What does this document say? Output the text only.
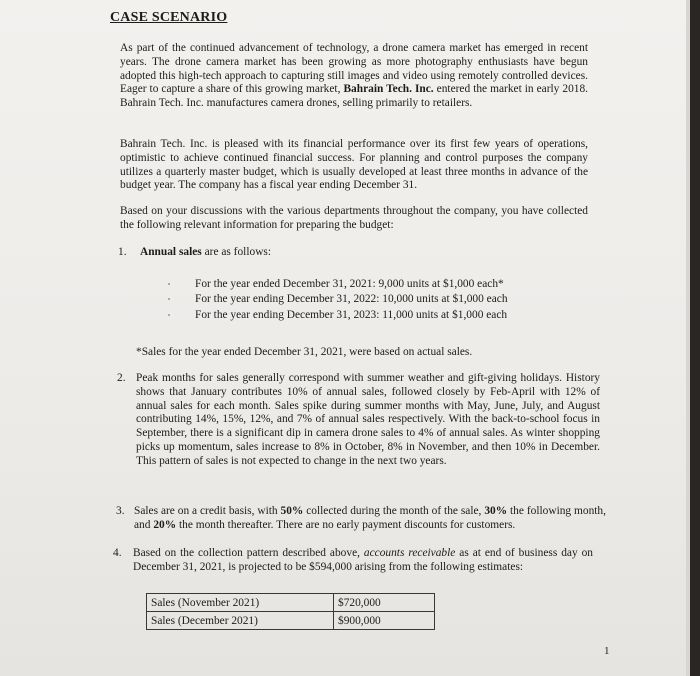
CASE SCENARIO

As part of the continued advancement of technology, a drone camera market has emerged in recent years. The drone camera market has been growing as more photography enthusiasts have begun adopted this high-tech approach to capturing still images and video using remotely controlled devices. Eager to capture a share of this growing market, Bahrain Tech. Inc. entered the market in early 2018. Bahrain Tech. Inc. manufactures camera drones, selling primarily to retailers.

Bahrain Tech. Inc. is pleased with its financial performance over its first few years of operations, optimistic to achieve continued financial success. For planning and control purposes the company utilizes a quarterly master budget, which is usually developed at least three months in advance of the budget year. The company has a fiscal year ending December 31.

Based on your discussions with the various departments throughout the company, you have collected the following relevant information for preparing the budget:

1. Annual sales are as follows:

For the year ended December 31, 2021: 9,000 units at $1,000 each*
For the year ending December 31, 2022: 10,000 units at $1,000 each
For the year ending December 31, 2023: 11,000 units at $1,000 each
*Sales for the year ended December 31, 2021, were based on actual sales.
2. Peak months for sales generally correspond with summer weather and gift-giving holidays. History shows that January contributes 10% of annual sales, followed closely by Feb-April with 12% of annual sales for each month. Sales spike during summer months with May, June, July, and August contributing 14%, 15%, 12%, and 7% of annual sales respectively. With the back-to-school focus in September, there is a significant dip in camera drone sales to 4% of annual sales. As winter shopping picks up momentum, sales increase to 8% in October, 8% in November, and then 10% in December. This pattern of sales is not expected to change in the next two years.

3. Sales are on a credit basis, with 50% collected during the month of the sale, 30% the following month, and 20% the month thereafter. There are no early payment discounts for customers.

4. Based on the collection pattern described above, accounts receivable as at end of business day on December 31, 2021, is projected to be $594,000 arising from the following estimates:

Sales (November 2021)	$720,000
Sales (December 2021)	$900,000
1
